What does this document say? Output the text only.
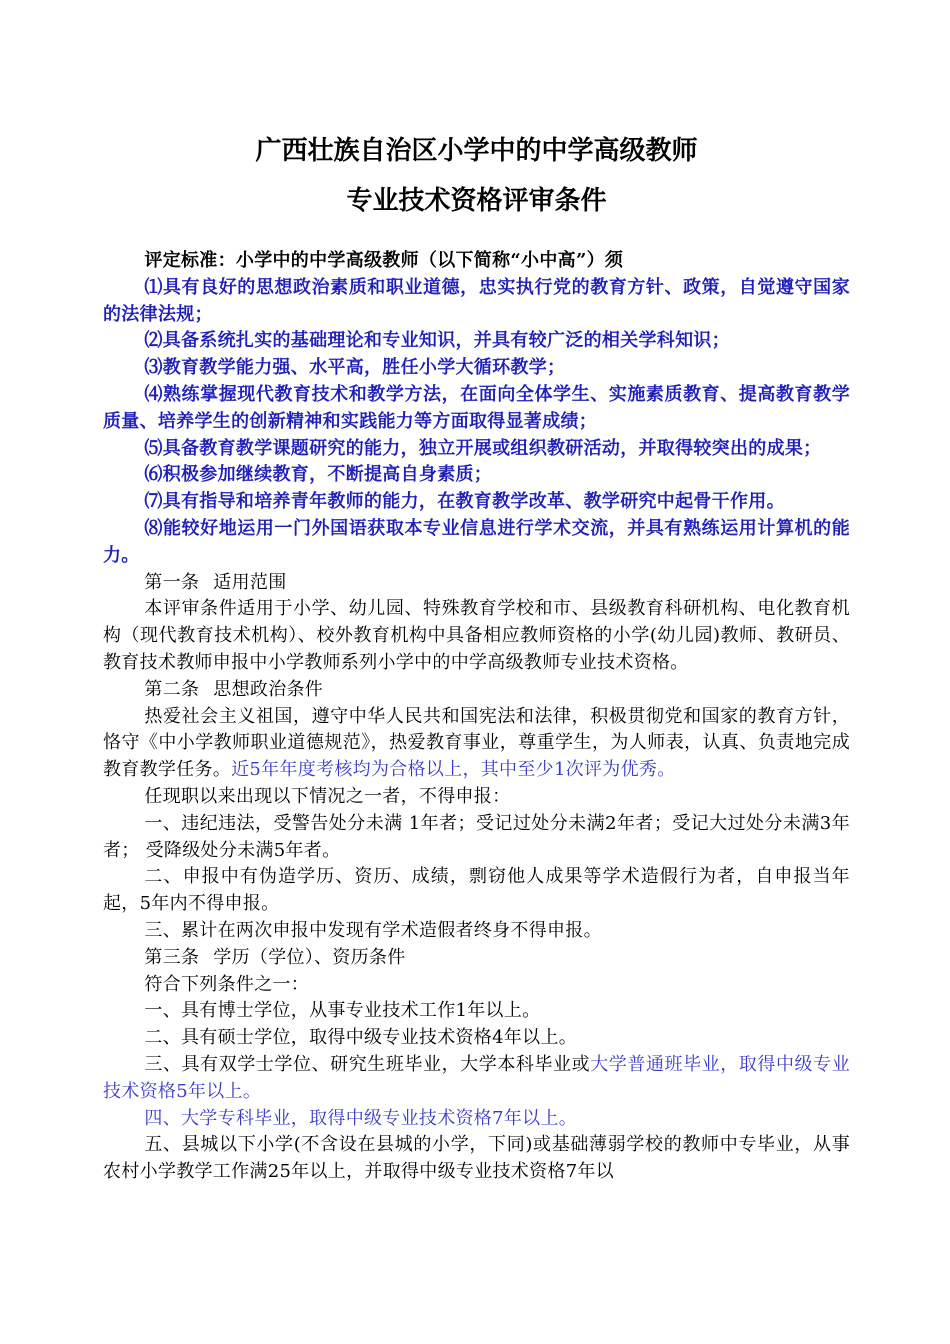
广西壮族自治区小学中的中学高级教师
专业技术资格评审条件

评定标准：小学中的中学高级教师（以下简称“小中高”）须

⑴具有良好的思想政治素质和职业道德，忠实执行党的教育方针、政策，自觉遵守国家的法律法规；

⑵具备系统扎实的基础理论和专业知识，并具有较广泛的相关学科知识；

⑶教育教学能力强、水平高，胜任小学大循环教学；

⑷熟练掌握现代教育技术和教学方法，在面向全体学生、实施素质教育、提高教育教学质量、培养学生的创新精神和实践能力等方面取得显著成绩；

⑸具备教育教学课题研究的能力，独立开展或组织教研活动，并取得较突出的成果；

⑹积极参加继续教育，不断提高自身素质；

⑺具有指导和培养青年教师的能力，在教育教学改革、教学研究中起骨干作用。

⑻能较好地运用一门外国语获取本专业信息进行学术交流，并具有熟练运用计算机的能力。

第一条 适用范围

本评审条件适用于小学、幼儿园、特殊教育学校和市、县级教育科研机构、电化教育机构（现代教育技术机构）、校外教育机构中具备相应教师资格的小学(幼儿园)教师、教研员、教育技术教师申报中小学教师系列小学中的中学高级教师专业技术资格。

第二条 思想政治条件

热爱社会主义祖国，遵守中华人民共和国宪法和法律，积极贯彻党和国家的教育方针，恪守《中小学教师职业道德规范》，热爱教育事业，尊重学生，为人师表，认真、负责地完成教育教学任务。近5年年度考核均为合格以上，其中至少1次评为优秀。

任现职以来出现以下情况之一者，不得申报：

一、违纪违法，受警告处分未满 1年者；受记过处分未满2年者；受记大过处分未满3年者； 受降级处分未满5年者。

二、申报中有伪造学历、资历、成绩，剽窃他人成果等学术造假行为者，自申报当年起，5年内不得申报。

三、累计在两次申报中发现有学术造假者终身不得申报。

第三条 学历（学位）、资历条件

符合下列条件之一：

一、具有博士学位，从事专业技术工作1年以上。

二、具有硕士学位，取得中级专业技术资格4年以上。

三、具有双学士学位、研究生班毕业，大学本科毕业或大学普通班毕业，取得中级专业技术资格5年以上。

四、大学专科毕业，取得中级专业技术资格7年以上。

五、县城以下小学(不含设在县城的小学，下同)或基础薄弱学校的教师中专毕业，从事农村小学教学工作满25年以上，并取得中级专业技术资格7年以
